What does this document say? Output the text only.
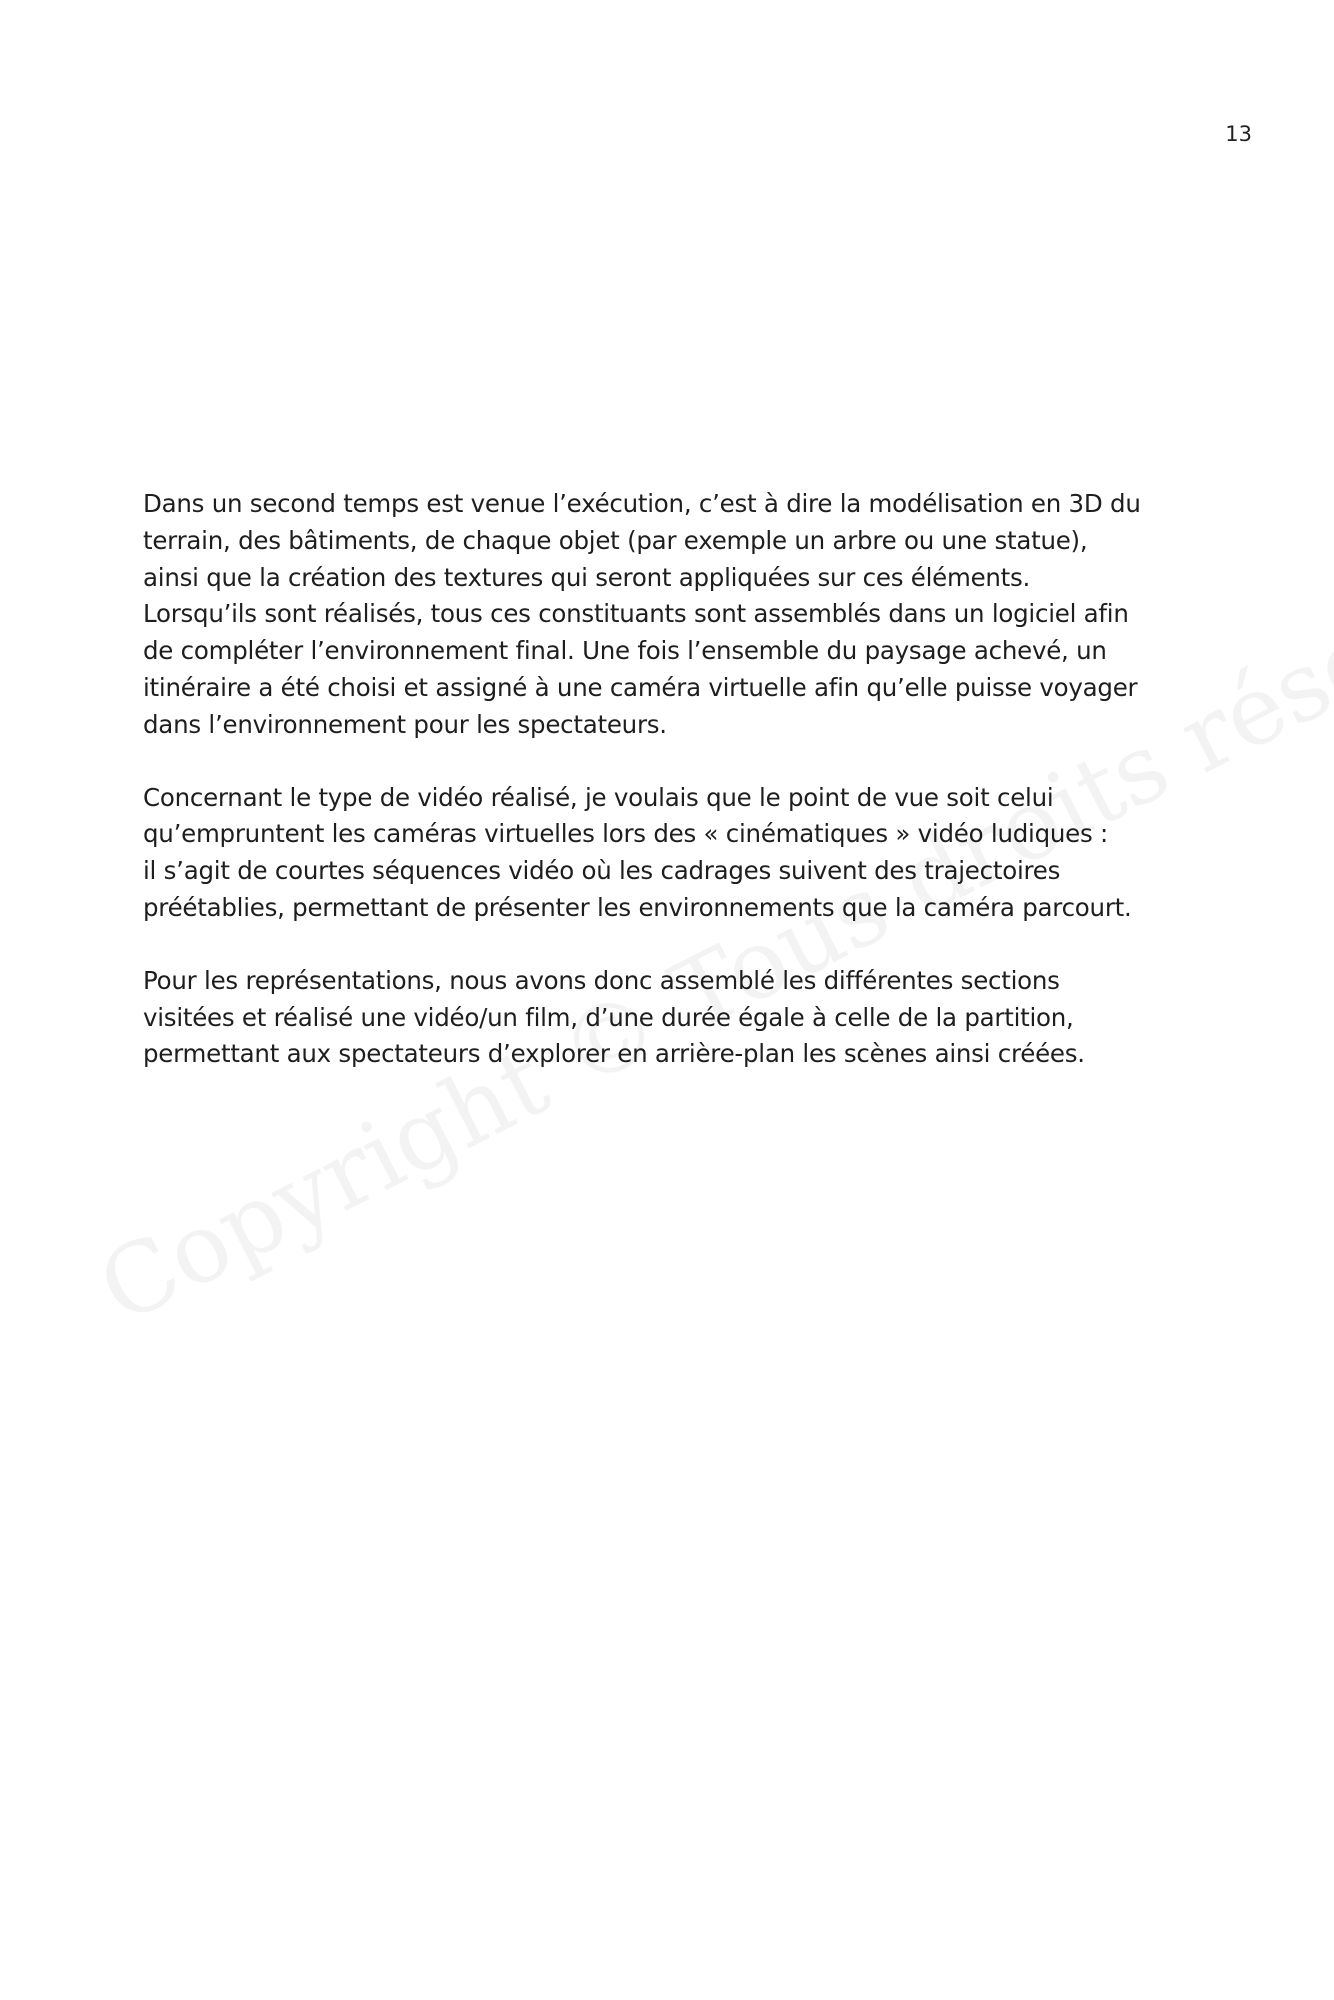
13

Dans un second temps est venue l’exécution, c’est à dire la modélisation en 3D du
terrain, des bâtiments, de chaque objet (par exemple un arbre ou une statue),
ainsi que la création des textures qui seront appliquées sur ces éléments.
Lorsqu’ils sont réalisés, tous ces constituants sont assemblés dans un logiciel afin
de compléter l’environnement final. Une fois l’ensemble du paysage achevé, un
itinéraire a été choisi et assigné à une caméra virtuelle afin qu’elle puisse voyager
dans l’environnement pour les spectateurs.

Concernant le type de vidéo réalisé, je voulais que le point de vue soit celui
qu’empruntent les caméras virtuelles lors des « cinématiques » vidéo ludiques :
il s’agit de courtes séquences vidéo où les cadrages suivent des trajectoires
préétablies, permettant de présenter les environnements que la caméra parcourt.

Pour les représentations, nous avons donc assemblé les différentes sections
visitées et réalisé une vidéo/un film, d’une durée égale à celle de la partition,
permettant aux spectateurs d’explorer en arrière-plan les scènes ainsi créées.
